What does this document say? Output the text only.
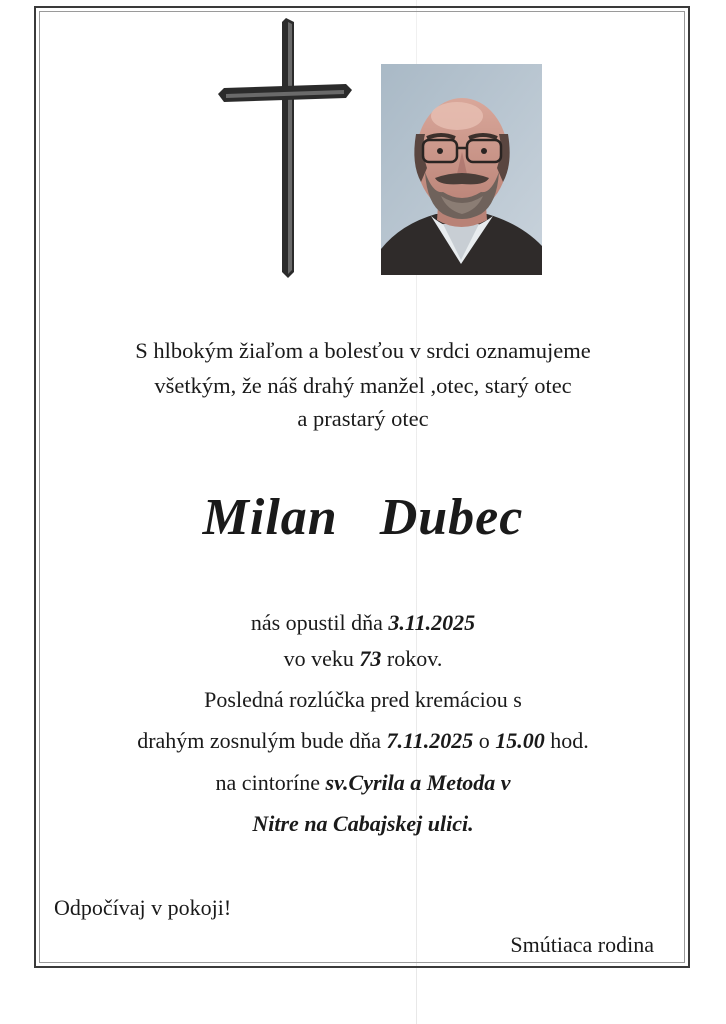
S hlbokým žiaľom a bolesťou v srdci oznamujeme
všetkým, že náš drahý manžel ,otec, starý otec
a prastarý otec
Milan Dubec
nás opustil dňa 3.11.2025
vo veku 73 rokov.
Posledná rozlúčka pred kremáciou s
drahým zosnulým bude dňa 7.11.2025 o 15.00 hod.
na cintoríne sv.Cyrila a Metoda v
Nitre na Cabajskej ulici.
Odpočívaj v pokoji!
Smútiaca rodina
